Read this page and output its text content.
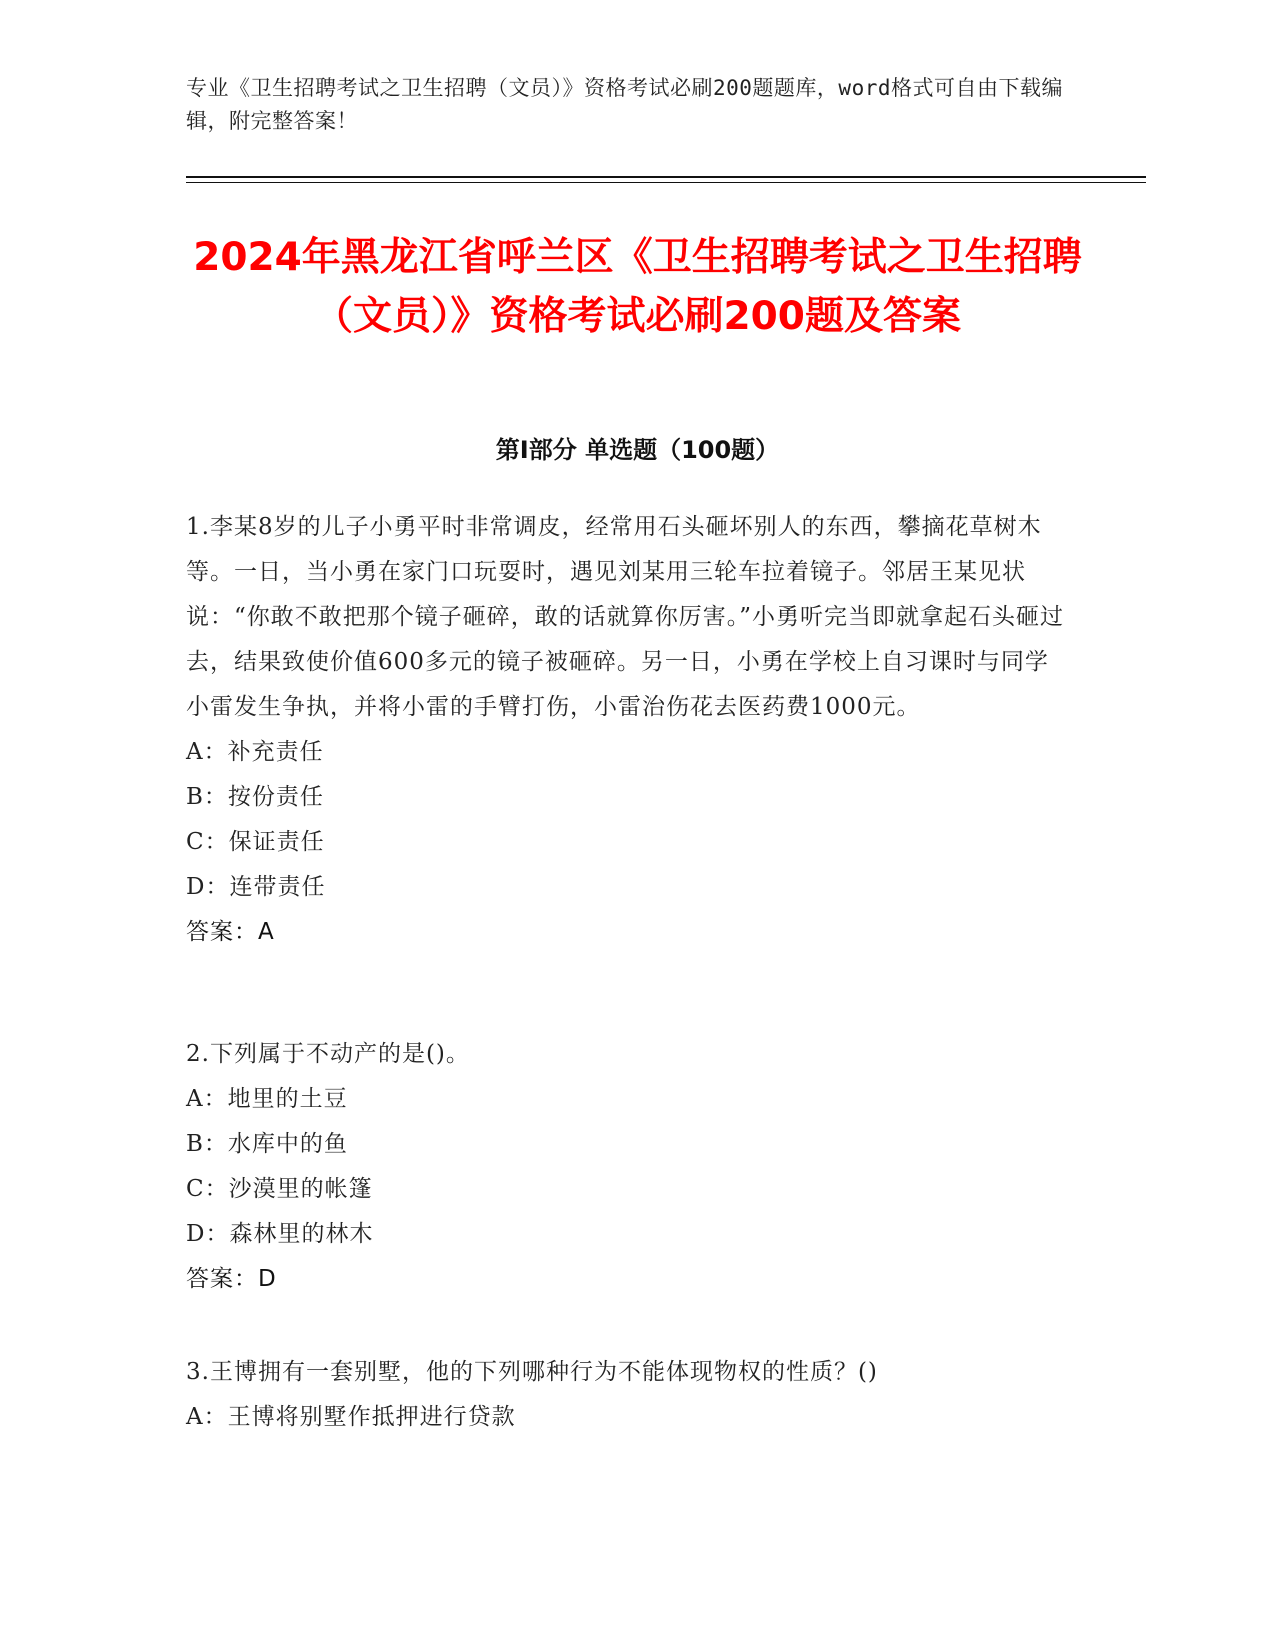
专业《卫生招聘考试之卫生招聘（文员）》资格考试必刷200题题库，word格式可自由下载编辑，附完整答案！
2024年黑龙江省呼兰区《卫生招聘考试之卫生招聘（文员）》资格考试必刷200题及答案
第I部分 单选题（100题）

1.李某8岁的儿子小勇平时非常调皮，经常用石头砸坏别人的东西，攀摘花草树木等。一日，当小勇在家门口玩耍时，遇见刘某用三轮车拉着镜子。邻居王某见状说：“你敢不敢把那个镜子砸碎，敢的话就算你厉害。”小勇听完当即就拿起石头砸过去，结果致使价值600多元的镜子被砸碎。另一日，小勇在学校上自习课时与同学小雷发生争执，并将小雷的手臂打伤，小雷治伤花去医药费1000元。

A：补充责任

B：按份责任

C：保证责任

D：连带责任

答案：A

2.下列属于不动产的是()。

A：地里的土豆

B：水库中的鱼

C：沙漠里的帐篷

D：森林里的林木

答案：D

3.王博拥有一套别墅，他的下列哪种行为不能体现物权的性质？()

A：王博将别墅作抵押进行贷款
